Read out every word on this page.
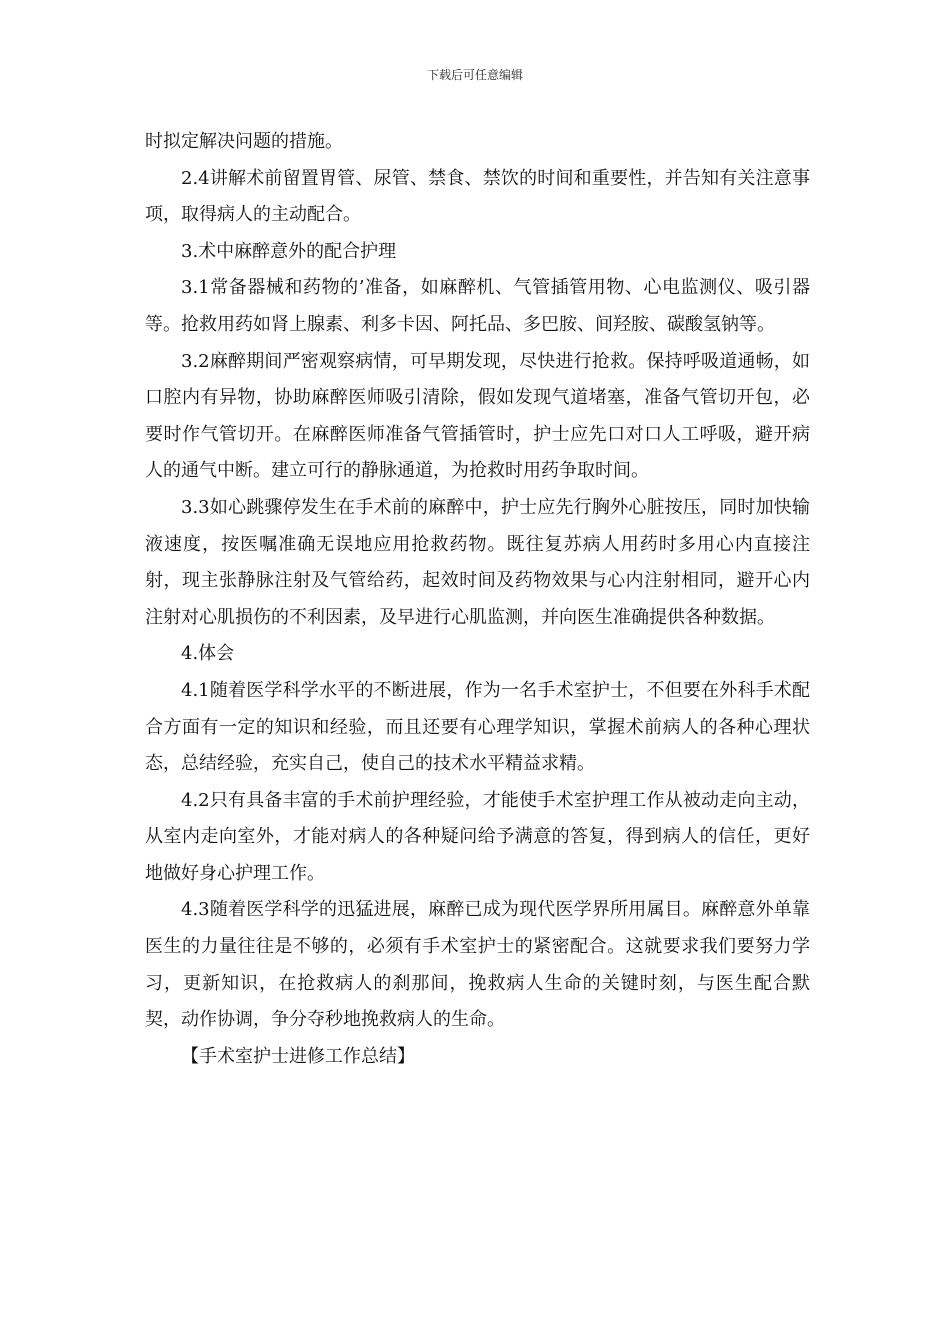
下载后可任意编辑

时拟定解决问题的措施。

2.4讲解术前留置胃管、尿管、禁食、禁饮的时间和重要性，并告知有关注意事项，取得病人的主动配合。

3.术中麻醉意外的配合护理

3.1常备器械和药物的’准备，如麻醉机、气管插管用物、心电监测仪、吸引器等。抢救用药如肾上腺素、利多卡因、阿托品、多巴胺、间羟胺、碳酸氢钠等。

3.2麻醉期间严密观察病情，可早期发现，尽快进行抢救。保持呼吸道通畅，如口腔内有异物，协助麻醉医师吸引清除，假如发现气道堵塞，准备气管切开包，必要时作气管切开。在麻醉医师准备气管插管时，护士应先口对口人工呼吸，避开病人的通气中断。建立可行的静脉通道，为抢救时用药争取时间。

3.3如心跳骤停发生在手术前的麻醉中，护士应先行胸外心脏按压，同时加快输液速度，按医嘱准确无误地应用抢救药物。既往复苏病人用药时多用心内直接注射，现主张静脉注射及气管给药，起效时间及药物效果与心内注射相同，避开心内注射对心肌损伤的不利因素，及早进行心肌监测，并向医生准确提供各种数据。

4.体会

4.1随着医学科学水平的不断进展，作为一名手术室护士，不但要在外科手术配合方面有一定的知识和经验，而且还要有心理学知识，掌握术前病人的各种心理状态，总结经验，充实自己，使自己的技术水平精益求精。

4.2只有具备丰富的手术前护理经验，才能使手术室护理工作从被动走向主动，从室内走向室外，才能对病人的各种疑问给予满意的答复，得到病人的信任，更好地做好身心护理工作。

4.3随着医学科学的迅猛进展，麻醉已成为现代医学界所用属目。麻醉意外单靠医生的力量往往是不够的，必须有手术室护士的紧密配合。这就要求我们要努力学习，更新知识，在抢救病人的刹那间，挽救病人生命的关键时刻，与医生配合默契，动作协调，争分夺秒地挽救病人的生命。

【手术室护士进修工作总结】
